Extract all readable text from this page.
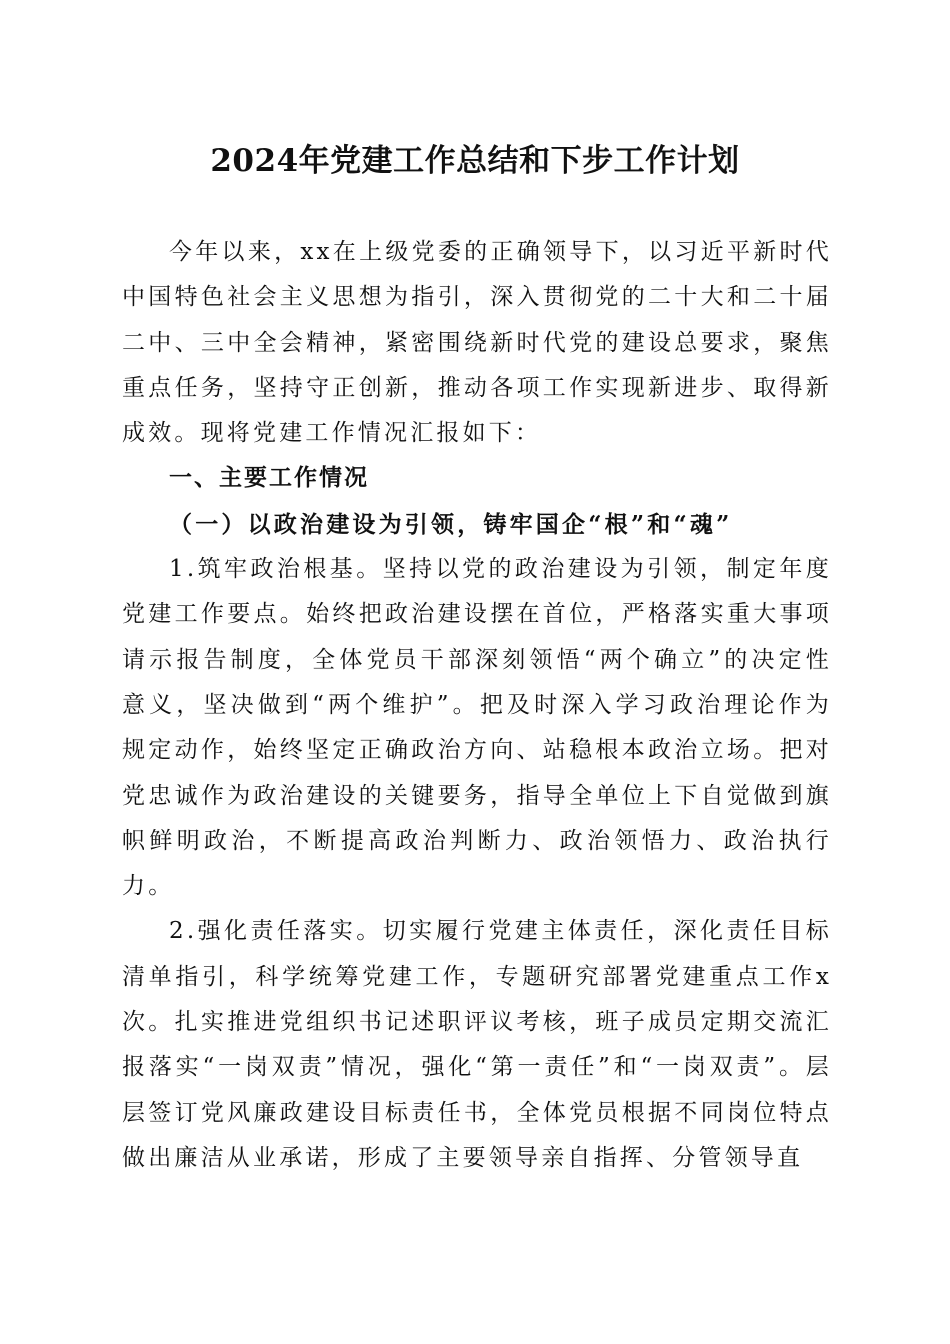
2024年党建工作总结和下步工作计划

今年以来，xx在上级党委的正确领导下，以习近平新时代中国特色社会主义思想为指引，深入贯彻党的二十大和二十届二中、三中全会精神，紧密围绕新时代党的建设总要求，聚焦重点任务，坚持守正创新，推动各项工作实现新进步、取得新成效。现将党建工作情况汇报如下：

一、主要工作情况

（一）以政治建设为引领，铸牢国企“根”和“魂”

1.筑牢政治根基。坚持以党的政治建设为引领，制定年度党建工作要点。始终把政治建设摆在首位，严格落实重大事项请示报告制度，全体党员干部深刻领悟“两个确立”的决定性意义，坚决做到“两个维护”。把及时深入学习政治理论作为规定动作，始终坚定正确政治方向、站稳根本政治立场。把对党忠诚作为政治建设的关键要务，指导全单位上下自觉做到旗帜鲜明政治，不断提高政治判断力、政治领悟力、政治执行力。

2.强化责任落实。切实履行党建主体责任，深化责任目标清单指引，科学统筹党建工作，专题研究部署党建重点工作x次。扎实推进党组织书记述职评议考核，班子成员定期交流汇报落实“一岗双责”情况，强化“第一责任”和“一岗双责”。层层签订党风廉政建设目标责任书，全体党员根据不同岗位特点做出廉洁从业承诺，形成了主要领导亲自指挥、分管领导直
